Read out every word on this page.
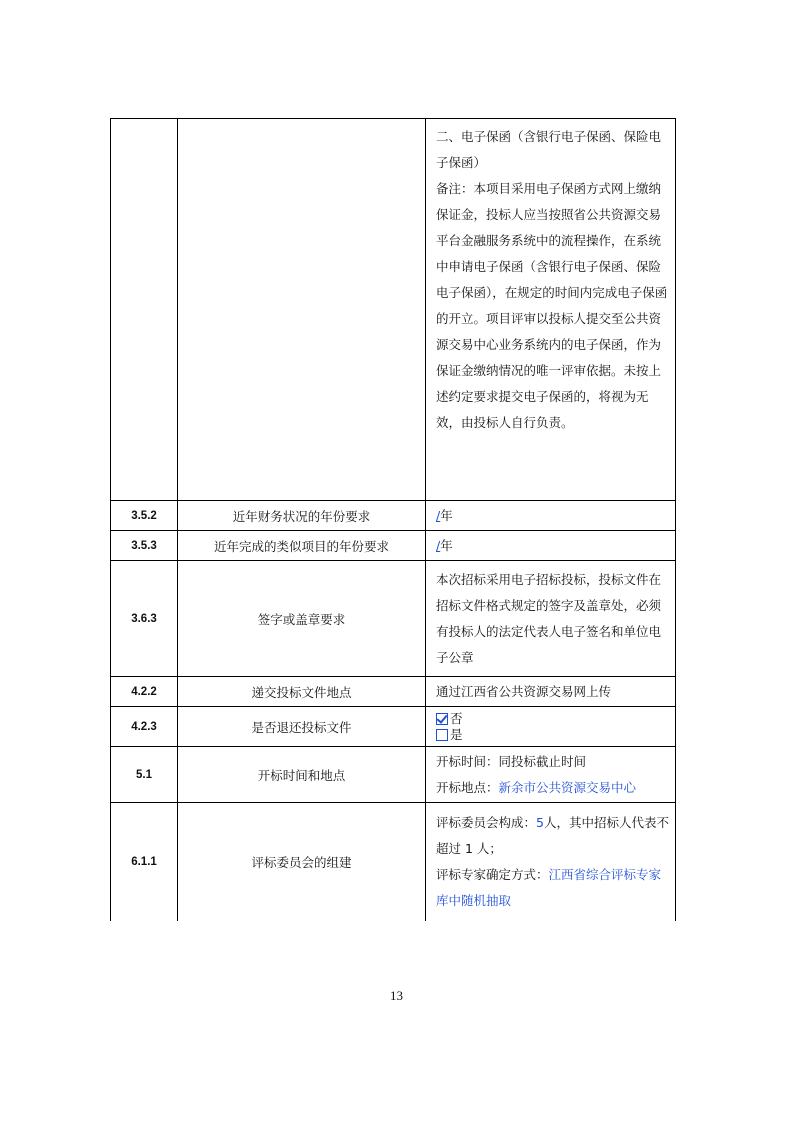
		二、电子保函（含银行电子保函、保险电子保函）
备注：本项目采用电子保函方式网上缴纳保证金，投标人应当按照省公共资源交易平台金融服务系统中的流程操作，在系统中申请电子保函（含银行电子保函、保险电子保函），在规定的时间内完成电子保函的开立。项目评审以投标人提交至公共资源交易中心业务系统内的电子保函，作为保证金缴纳情况的唯一评审依据。未按上述约定要求提交电子保函的，将视为无效，由投标人自行负责。

3.5.2	近年财务状况的年份要求	/年
3.5.3	近年完成的类似项目的年份要求	/年
3.6.3	签字或盖章要求	本次招标采用电子招标投标，投标文件在招标文件格式规定的签字及盖章处，必须有投标人的法定代表人电子签名和单位电子公章
4.2.2	递交投标文件地点	通过江西省公共资源交易网上传
4.2.3	是否退还投标文件	否
是

5.1	开标时间和地点	开标时间：同投标截止时间
开标地点：新余市公共资源交易中心

6.1.1	评标委员会的组建	评标委员会构成：5人，其中招标人代表不超过 1 人；
评标专家确定方式：江西省综合评标专家库中随机抽取
13
